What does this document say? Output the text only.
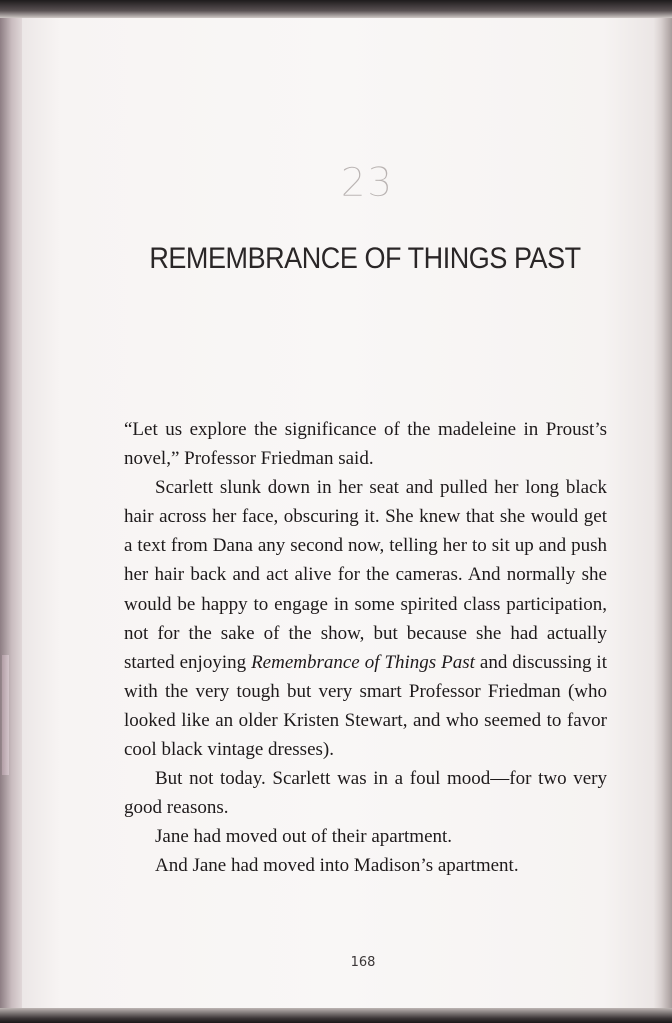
23
REMEMBRANCE OF THINGS PAST

“Let us explore the significance of the madeleine in Proust’s novel,” Professor Friedman said.

Scarlett slunk down in her seat and pulled her long black hair across her face, obscuring it. She knew that she would get a text from Dana any second now, telling her to sit up and push her hair back and act alive for the cameras. And normally she would be happy to engage in some spirited class participation, not for the sake of the show, but because she had actually started enjoying Remembrance of Things Past and discussing it with the very tough but very smart Professor Friedman (who looked like an older Kristen Stewart, and who seemed to favor cool black vintage dresses).

But not today. Scarlett was in a foul mood—for two very good reasons.

Jane had moved out of their apartment.

And Jane had moved into Madison’s apartment.

168
